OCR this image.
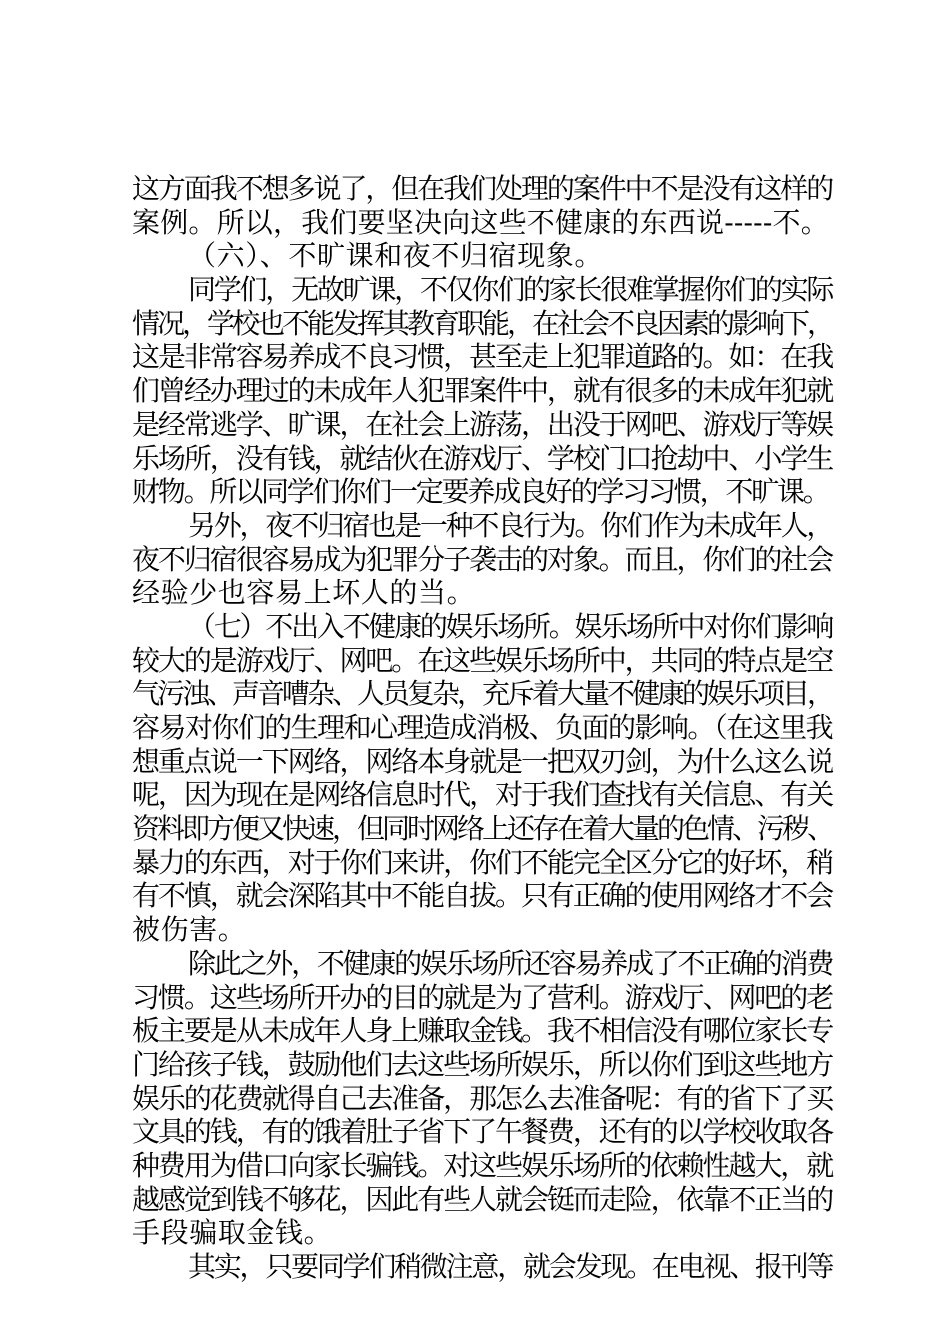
这方面我不想多说了，但在我们处理的案件中不是没有这样的
案例。所以，我们要坚决向这些不健康的东西说-----不。
（六）、不旷课和夜不归宿现象。
同学们，无故旷课，不仅你们的家长很难掌握你们的实际
情况，学校也不能发挥其教育职能，在社会不良因素的影响下，
这是非常容易养成不良习惯，甚至走上犯罪道路的。如：在我
们曾经办理过的未成年人犯罪案件中，就有很多的未成年犯就
是经常逃学、旷课，在社会上游荡，出没于网吧、游戏厅等娱
乐场所，没有钱，就结伙在游戏厅、学校门口抢劫中、小学生
财物。所以同学们你们一定要养成良好的学习习惯，不旷课。
另外，夜不归宿也是一种不良行为。你们作为未成年人，
夜不归宿很容易成为犯罪分子袭击的对象。而且，你们的社会
经验少也容易上坏人的当。
（七）不出入不健康的娱乐场所。娱乐场所中对你们影响
较大的是游戏厅、网吧。在这些娱乐场所中，共同的特点是空
气污浊、声音嘈杂、人员复杂，充斥着大量不健康的娱乐项目，
容易对你们的生理和心理造成消极、负面的影响。（在这里我
想重点说一下网络，网络本身就是一把双刃剑，为什么这么说
呢，因为现在是网络信息时代，对于我们查找有关信息、有关
资料即方便又快速，但同时网络上还存在着大量的色情、污秽、
暴力的东西，对于你们来讲，你们不能完全区分它的好坏，稍
有不慎，就会深陷其中不能自拔。只有正确的使用网络才不会
被伤害。
除此之外，不健康的娱乐场所还容易养成了不正确的消费
习惯。这些场所开办的目的就是为了营利。游戏厅、网吧的老
板主要是从未成年人身上赚取金钱。我不相信没有哪位家长专
门给孩子钱，鼓励他们去这些场所娱乐，所以你们到这些地方
娱乐的花费就得自己去准备，那怎么去准备呢：有的省下了买
文具的钱，有的饿着肚子省下了午餐费，还有的以学校收取各
种费用为借口向家长骗钱。对这些娱乐场所的依赖性越大，就
越感觉到钱不够花，因此有些人就会铤而走险，依靠不正当的
手段骗取金钱。
其实，只要同学们稍微注意，就会发现。在电视、报刊等
